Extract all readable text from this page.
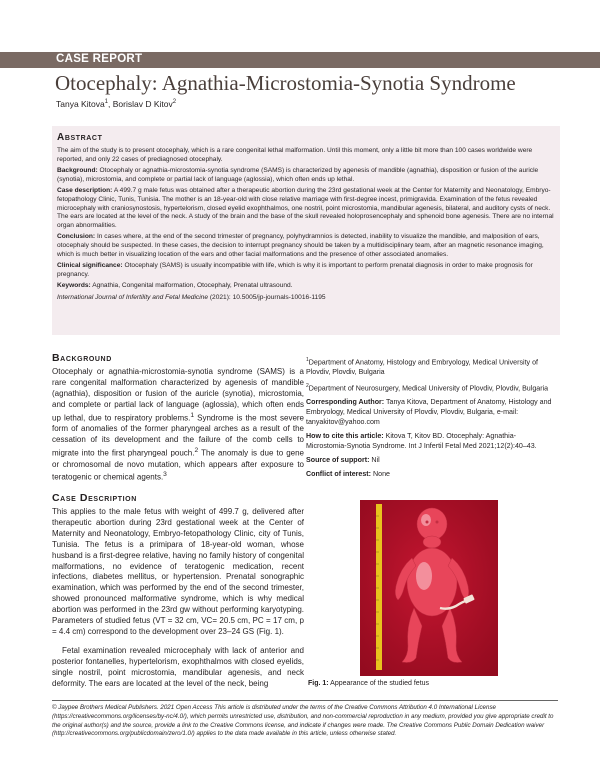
CASE REPORT
Otocephaly: Agnathia-Microstomia-Synotia Syndrome
Tanya Kitova$^1$, Borislav D Kitov$^2$
Abstract

The aim of the study is to present otocephaly, which is a rare congenital lethal malformation. Until this moment, only a little bit more than 100 cases worldwide were reported, and only 22 cases of prediagnosed otocephaly.

Background: Otocephaly or agnathia-microstomia-synotia syndrome (SAMS) is characterized by agenesis of mandible (agnathia), disposition or fusion of the auricle (synotia), microstomia, and complete or partial lack of language (aglossia), which often ends up lethal.

Case description: A 499.7 g male fetus was obtained after a therapeutic abortion during the 23rd gestational week at the Center for Maternity and Neonatology, Embryo-fetopathology Clinic, Tunis, Tunisia. The mother is an 18-year-old with close relative marriage with first-degree incest, primigravida. Examination of the fetus revealed microcephaly with craniosynostosis, hypertelorism, closed eyelid exophthalmos, one nostril, point microstomia, mandibular agenesis, bilateral, and auditory cysts of neck. The ears are located at the level of the neck. A study of the brain and the base of the skull revealed holoprosencephaly and sphenoid bone agenesis. There are no internal organ abnormalities.

Conclusion: In cases where, at the end of the second trimester of pregnancy, polyhydramnios is detected, inability to visualize the mandible, and malposition of ears, otocephaly should be suspected. In these cases, the decision to interrupt pregnancy should be taken by a multidisciplinary team, after an magnetic resonance imaging, which is much better in visualizing location of the ears and other facial malformations and the presence of other associated anomalies.

Clinical significance: Otocephaly (SAMS) is usually incompatible with life, which is why it is important to perform prenatal diagnosis in order to make prognosis for pregnancy.

Keywords: Agnathia, Congenital malformation, Otocephaly, Prenatal ultrasound.

International Journal of Infertility and Fetal Medicine (2021): 10.5005/jp-journals-10016-1195

Background

Otocephaly or agnathia-microstomia-synotia syndrome (SAMS) is a rare congenital malformation characterized by agenesis of mandible (agnathia), disposition or fusion of the auricle (synotia), microstomia, and complete or partial lack of language (aglossia), which often ends up lethal, due to respiratory problems.$^1$ Syndrome is the most severe form of anomalies of the former pharyngeal arches as a result of the cessation of its development and the failure of the comb cells to migrate into the first pharyngeal pouch.$^2$ The anomaly is due to gene or chromosomal de novo mutation, which appears after exposure to teratogenic or chemical agents.$^3$

Case Description

This applies to the male fetus with weight of 499.7 g, delivered after therapeutic abortion during 23rd gestational week at the Center of Maternity and Neonatology, Embryo-fetopathology Clinic, city of Tunis, Tunisia. The fetus is a primipara of 18-year-old woman, whose husband is a first-degree relative, having no family history of congenital malformations, no evidence of teratogenic medication, recent infections, diabetes mellitus, or hypertension. Prenatal sonographic examination, which was performed by the end of the second trimester, showed pronounced malformative syndrome, which is why medical abortion was performed in the 23rd gw without performing karyotyping. Parameters of studied fetus (VT = 32 cm, VC= 20.5 cm, PC = 17 cm, p = 4.4 cm) correspond to the development over 23–24 GS (Fig. 1).

Fetal examination revealed microcephaly with lack of anterior and posterior fontanelles, hypertelorism, exophthalmos with closed eyelids, single nostril, point microstomia, mandibular agenesis, and neck deformity. The ears are located at the level of the neck, being

$^1$Department of Anatomy, Histology and Embryology, Medical University of Plovdiv, Plovdiv, Bulgaria

$^2$Department of Neurosurgery, Medical University of Plovdiv, Plovdiv, Bulgaria

Corresponding Author: Tanya Kitova, Department of Anatomy, Histology and Embryology, Medical University of Plovdiv, Plovdiv, Bulgaria, e-mail: tanyakitov@yahoo.com

How to cite this article: Kitova T, Kitov BD. Otocephaly: Agnathia-Microstomia-Synotia Syndrome. Int J Infertil Fetal Med 2021;12(2):40–43.

Source of support: Nil

Conflict of interest: None

Fig. 1: Appearance of the studied fetus

© Jaypee Brothers Medical Publishers. 2021 Open Access This article is distributed under the terms of the Creative Commons Attribution 4.0 International License (https://creativecommons.org/licenses/by-nc/4.0/), which permits unrestricted use, distribution, and non-commercial reproduction in any medium, provided you give appropriate credit to the original author(s) and the source, provide a link to the Creative Commons license, and indicate if changes were made. The Creative Commons Public Domain Dedication waiver (http://creativecommons.org/publicdomain/zero/1.0/) applies to the data made available in this article, unless otherwise stated.
